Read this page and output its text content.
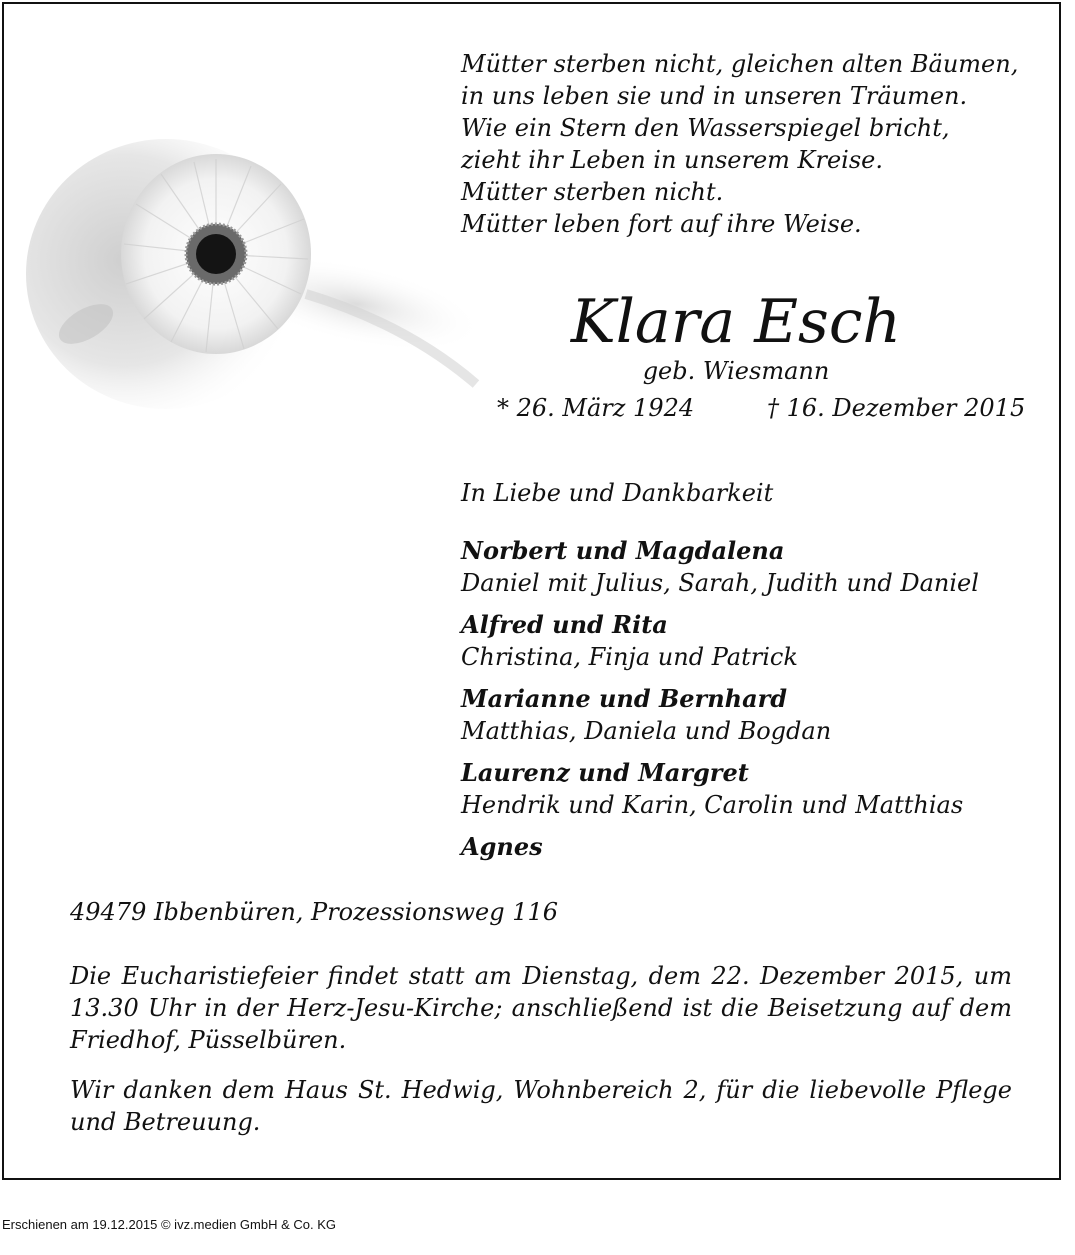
Mütter sterben nicht, gleichen alten Bäumen,
in uns leben sie und in unseren Träumen.
Wie ein Stern den Wasserspiegel bricht,
zieht ihr Leben in unserem Kreise.
Mütter sterben nicht.
Mütter leben fort auf ihre Weise.
Klara Esch
geb. Wiesmann
* 26. März 1924	† 16. Dezember 2015
In Liebe und Dankbarkeit
Norbert und Magdalena
Daniel mit Julius, Sarah, Judith und Daniel
Alfred und Rita
Christina, Finja und Patrick
Marianne und Bernhard
Matthias, Daniela und Bogdan
Laurenz und Margret
Hendrik und Karin, Carolin und Matthias
Agnes
49479 Ibbenbüren, Prozessionsweg 116
Die Eucharistiefeier findet statt am Dienstag, dem 22. Dezember 2015, um 13.30 Uhr in der Herz-Jesu-Kirche; anschließend ist die Beisetzung auf dem Friedhof, Püsselbüren.
Wir danken dem Haus St. Hedwig, Wohnbereich 2, für die liebevolle Pflege und Betreuung.
Erschienen am 19.12.2015 © ivz.medien GmbH & Co. KG
